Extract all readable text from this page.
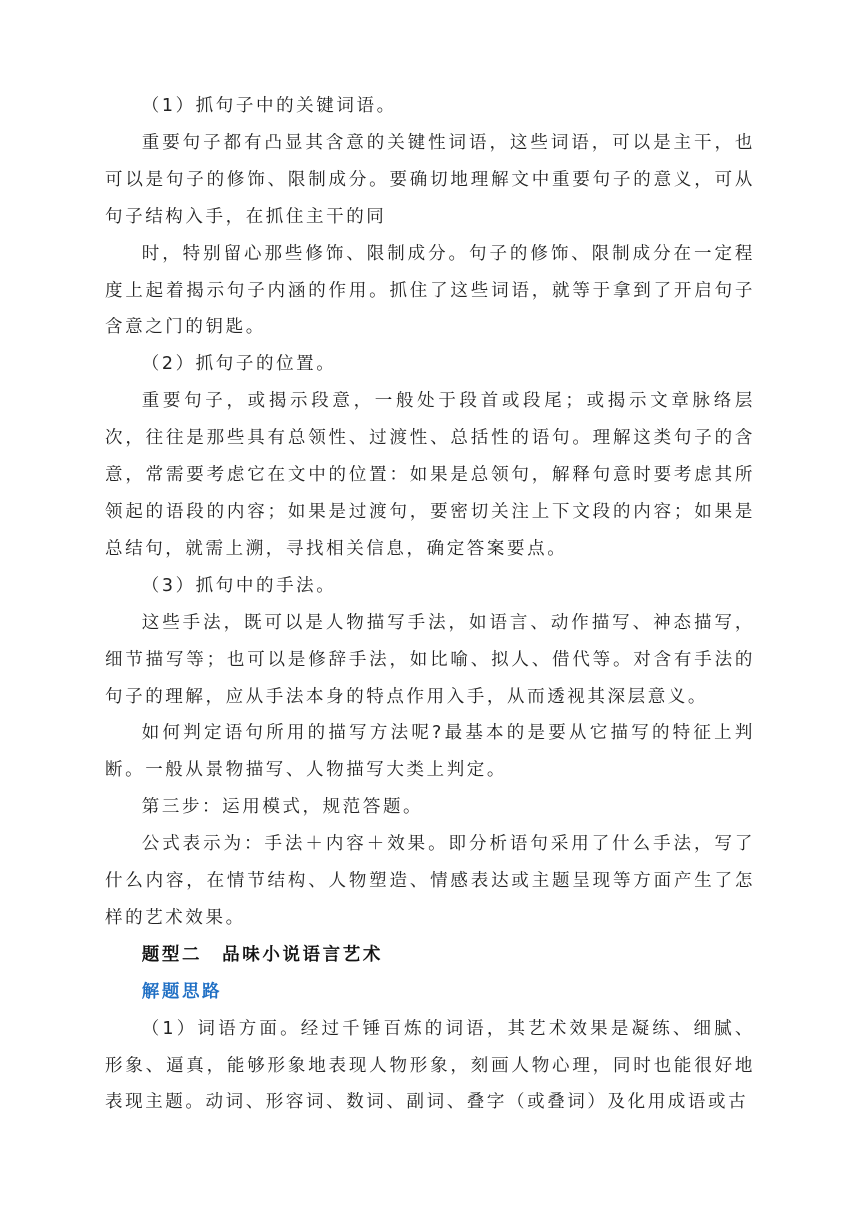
（1）抓句子中的关键词语。

重要句子都有凸显其含意的关键性词语，这些词语，可以是主干，也可以是句子的修饰、限制成分。要确切地理解文中重要句子的意义，可从句子结构入手，在抓住主干的同

时，特别留心那些修饰、限制成分。句子的修饰、限制成分在一定程度上起着揭示句子内涵的作用。抓住了这些词语，就等于拿到了开启句子含意之门的钥匙。

（2）抓句子的位置。

重要句子，或揭示段意，一般处于段首或段尾；或揭示文章脉络层次，往往是那些具有总领性、过渡性、总括性的语句。理解这类句子的含意，常需要考虑它在文中的位置：如果是总领句，解释句意时要考虑其所领起的语段的内容；如果是过渡句，要密切关注上下文段的内容；如果是总结句，就需上溯，寻找相关信息，确定答案要点。

（3）抓句中的手法。

这些手法，既可以是人物描写手法，如语言、动作描写、神态描写，细节描写等；也可以是修辞手法，如比喻、拟人、借代等。对含有手法的句子的理解，应从手法本身的特点作用入手，从而透视其深层意义。

如何判定语句所用的描写方法呢?最基本的是要从它描写的特征上判断。一般从景物描写、人物描写大类上判定。

第三步：运用模式，规范答题。

公式表示为：手法＋内容＋效果。即分析语句采用了什么手法，写了什么内容，在情节结构、人物塑造、情感表达或主题呈现等方面产生了怎样的艺术效果。

题型二　品味小说语言艺术

解题思路

（1）词语方面。经过千锤百炼的词语，其艺术效果是凝练、细腻、形象、逼真，能够形象地表现人物形象，刻画人物心理，同时也能很好地表现主题。动词、形容词、数词、副词、叠字（或叠词）及化用成语或古
